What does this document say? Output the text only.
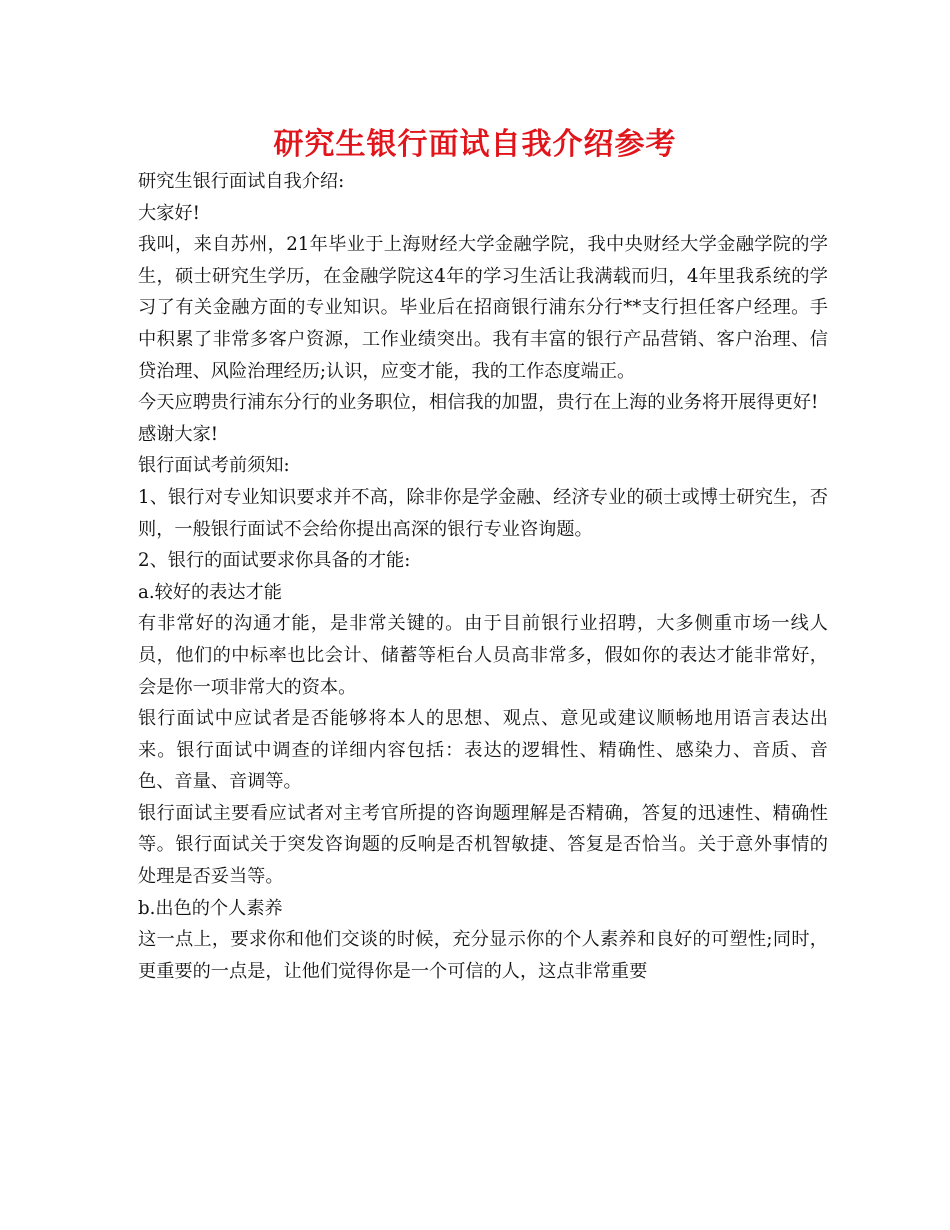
研究生银行面试自我介绍参考

研究生银行面试自我介绍:

大家好!

我叫，来自苏州，21年毕业于上海财经大学金融学院，我中央财经大学金融学院的学生，硕士研究生学历，在金融学院这4年的学习生活让我满载而归，4年里我系统的学习了有关金融方面的专业知识。毕业后在招商银行浦东分行**支行担任客户经理。手中积累了非常多客户资源，工作业绩突出。我有丰富的银行产品营销、客户治理、信贷治理、风险治理经历;认识，应变才能，我的工作态度端正。

今天应聘贵行浦东分行的业务职位，相信我的加盟，贵行在上海的业务将开展得更好!

感谢大家!

银行面试考前须知:

1、银行对专业知识要求并不高，除非你是学金融、经济专业的硕士或博士研究生，否则，一般银行面试不会给你提出高深的银行专业咨询题。

2、银行的面试要求你具备的才能:

a.较好的表达才能

有非常好的沟通才能，是非常关键的。由于目前银行业招聘，大多侧重市场一线人员，他们的中标率也比会计、储蓄等柜台人员高非常多，假如你的表达才能非常好，会是你一项非常大的资本。

银行面试中应试者是否能够将本人的思想、观点、意见或建议顺畅地用语言表达出来。银行面试中调查的详细内容包括：表达的逻辑性、精确性、感染力、音质、音色、音量、音调等。

银行面试主要看应试者对主考官所提的咨询题理解是否精确，答复的迅速性、精确性等。银行面试关于突发咨询题的反响是否机智敏捷、答复是否恰当。关于意外事情的处理是否妥当等。

b.出色的个人素养

这一点上，要求你和他们交谈的时候，充分显示你的个人素养和良好的可塑性;同时，更重要的一点是，让他们觉得你是一个可信的人，这点非常重要
